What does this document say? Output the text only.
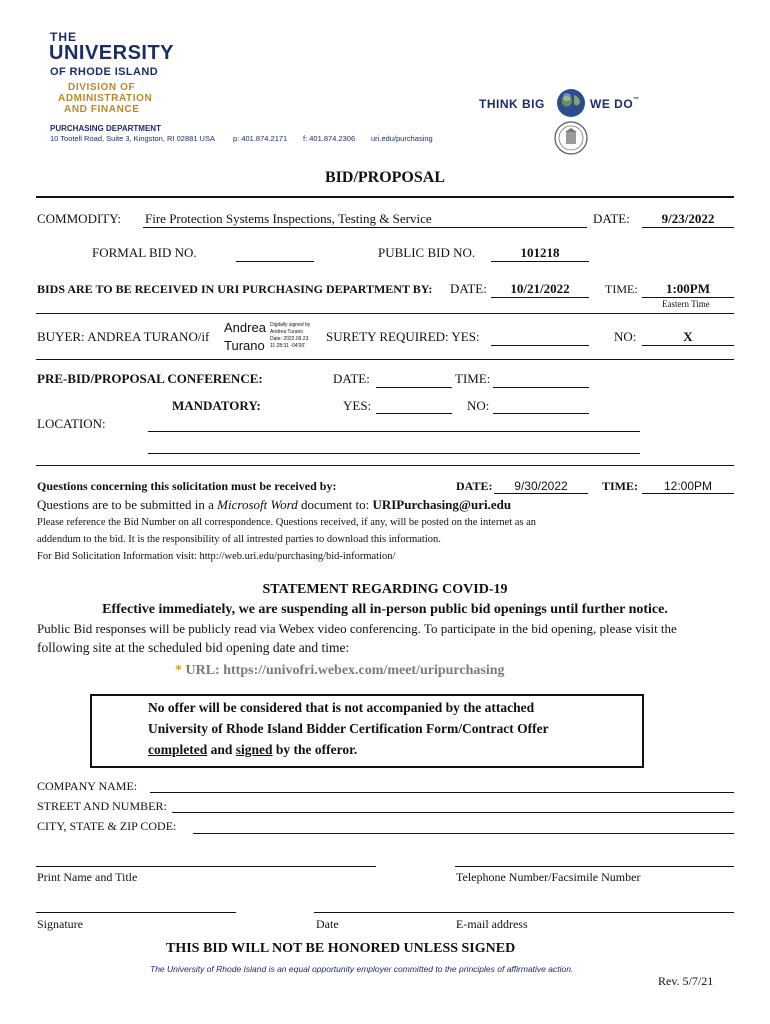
THE
UNIVERSITY
OF RHODE ISLAND
DIVISION OF
ADMINISTRATION
AND FINANCE
PURCHASING DEPARTMENT
10 Tootell Road, Suite 3, Kingston, RI 02881 USA p: 401.874.2171 f: 401.874.2306 uri.edu/purchasing
THINK BIG	WE DO™
BID/PROPOSAL
COMMODITY: Fire Protection Systems Inspections, Testing & Service	DATE:	9/23/2022
FORMAL BID NO.	PUBLIC BID NO.	101218
BIDS ARE TO BE RECEIVED IN URI PURCHASING DEPARTMENT BY: DATE:	10/21/2022	TIME:	1:00PM
Eastern Time
BUYER: ANDREA TURANO/if
Andrea
Turano
Digitally signed by
Andrea Turano
Date: 2022.09.23
11:28:31 -04'00'
SURETY REQUIRED: YES:	NO:	X
PRE-BID/PROPOSAL CONFERENCE:	DATE:	TIME:
MANDATORY:	YES:	NO:
LOCATION:
Questions concerning this solicitation must be received by:	DATE:	9/30/2022	TIME:	12:00PM
Questions are to be submitted in a Microsoft Word document to: URIPurchasing@uri.edu
Please reference the Bid Number on all correspondence. Questions received, if any, will be posted on the internet as an
addendum to the bid. It is the responsibility of all intrested parties to download this information.
For Bid Solicitation Information visit: http://web.uri.edu/purchasing/bid-information/
STATEMENT REGARDING COVID-19
Effective immediately, we are suspending all in-person public bid openings until further notice.
Public Bid responses will be publicly read via Webex video conferencing. To participate in the bid opening, please visit the
following site at the scheduled bid opening date and time:
* URL: https://univofri.webex.com/meet/uripurchasing
No offer will be considered that is not accompanied by the attached
University of Rhode Island Bidder Certification Form/Contract Offer
completed and signed by the offeror.
COMPANY NAME:
STREET AND NUMBER:
CITY, STATE & ZIP CODE:
Print Name and Title	Telephone Number/Facsimile Number
Signature	Date	E-mail address
THIS BID WILL NOT BE HONORED UNLESS SIGNED
The University of Rhode Island is an equal opportunity employer committed to the principles of affirmative action.
Rev. 5/7/21
